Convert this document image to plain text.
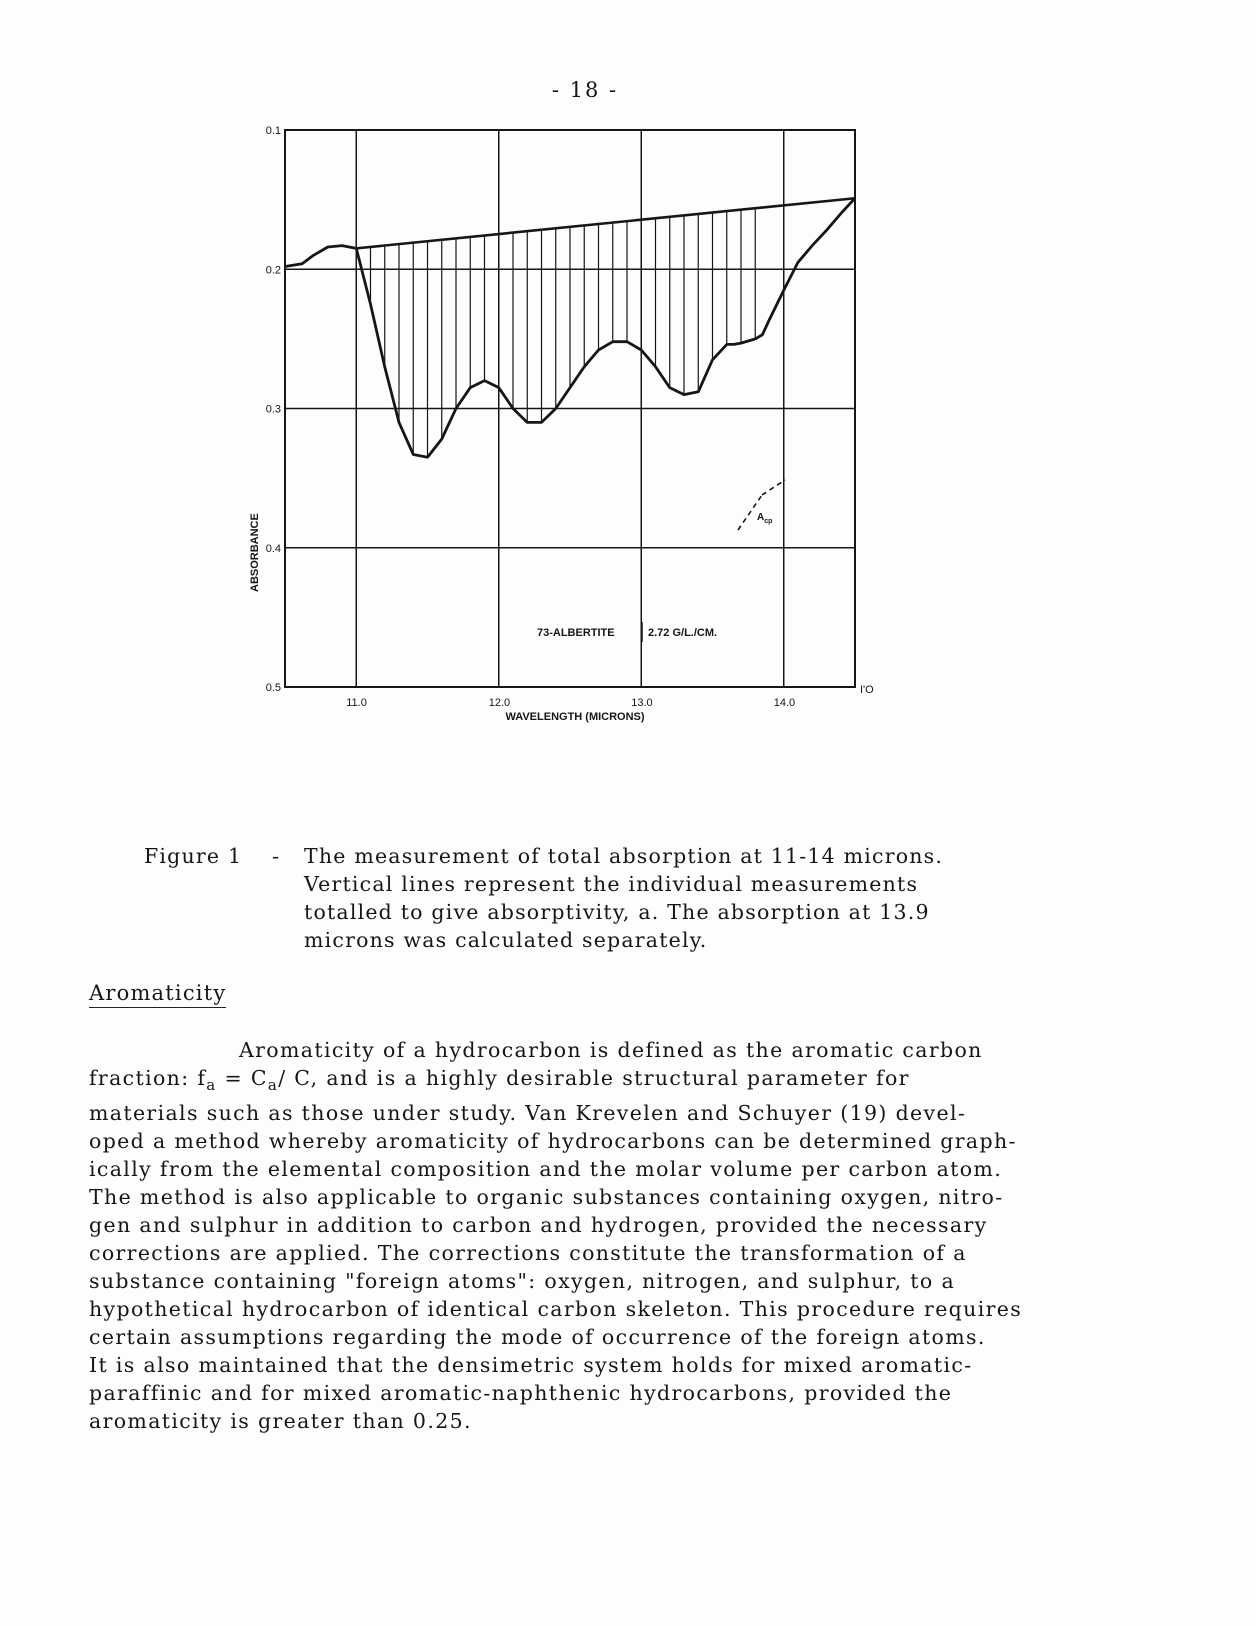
- 18 -
11.0	12.0	13.0	14.0
I'O
0.1
0.2
0.3
0.4
0.5
ABSORBANCE
WAVELENGTH (MICRONS)
73-ALBERTITE	2.72 G/L./CM.
$A_{cp}$
Figure 1 - The measurement of total absorption at 11-14 microns.
Vertical lines represent the individual measurements
totalled to give absorptivity, a. The absorption at 13.9
microns was calculated separately.
Aromaticity
Aromaticity of a hydrocarbon is defined as the aromatic carbon
fraction: $f_a = C_a/$ C, and is a highly desirable structural parameter for
materials such as those under study. Van Krevelen and Schuyer (19) devel-
oped a method whereby aromaticity of hydrocarbons can be determined graph-
ically from the elemental composition and the molar volume per carbon atom.
The method is also applicable to organic substances containing oxygen, nitro-
gen and sulphur in addition to carbon and hydrogen, provided the necessary
corrections are applied. The corrections constitute the transformation of a
substance containing "foreign atoms": oxygen, nitrogen, and sulphur, to a
hypothetical hydrocarbon of identical carbon skeleton. This procedure requires
certain assumptions regarding the mode of occurrence of the foreign atoms.
It is also maintained that the densimetric system holds for mixed aromatic-
paraffinic and for mixed aromatic-naphthenic hydrocarbons, provided the
aromaticity is greater than 0.25.
